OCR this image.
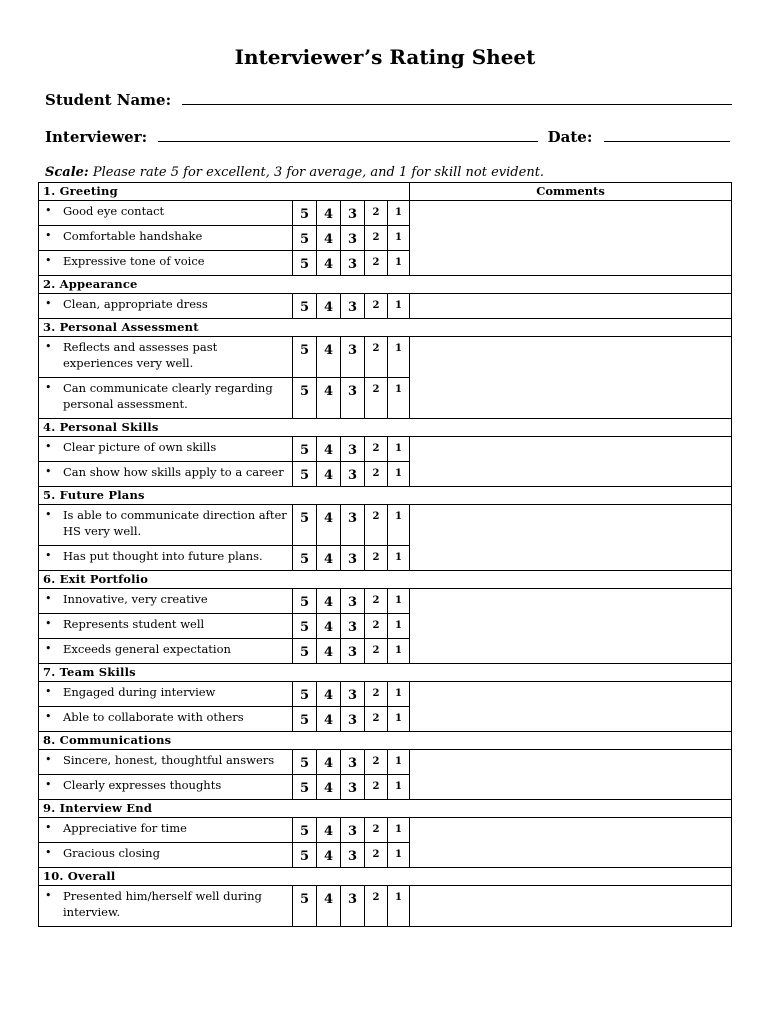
Interviewer’s Rating Sheet
Student Name:
Interviewer:	Date:
Scale: Please rate 5 for excellent, 3 for average, and 1 for skill not evident.
1. Greeting						Comments

• Good eye contact	5	4	3	2	1	

• Comfortable handshake	5	4	3	2	1	

• Expressive tone of voice	5	4	3	2	1	
2. Appearance						

• Clean, appropriate dress	5	4	3	2	1	
3. Personal Assessment						

• Reflects and assesses past experiences very well.	5	4	3	2	1	

• Can communicate clearly regarding personal assessment.	5	4	3	2	1	
4. Personal Skills						

• Clear picture of own skills	5	4	3	2	1	

• Can show how skills apply to a career	5	4	3	2	1	
5. Future Plans						

• Is able to communicate direction after HS very well.	5	4	3	2	1	

• Has put thought into future plans.	5	4	3	2	1	
6. Exit Portfolio						

• Innovative, very creative	5	4	3	2	1	

• Represents student well	5	4	3	2	1	

• Exceeds general expectation	5	4	3	2	1	
7. Team Skills						

• Engaged during interview	5	4	3	2	1	

• Able to collaborate with others	5	4	3	2	1	
8. Communications						

• Sincere, honest, thoughtful answers	5	4	3	2	1	

• Clearly expresses thoughts	5	4	3	2	1	
9. Interview End						

• Appreciative for time	5	4	3	2	1	

• Gracious closing	5	4	3	2	1	
10. Overall						

• Presented him/herself well during interview.	5	4	3	2	1	
